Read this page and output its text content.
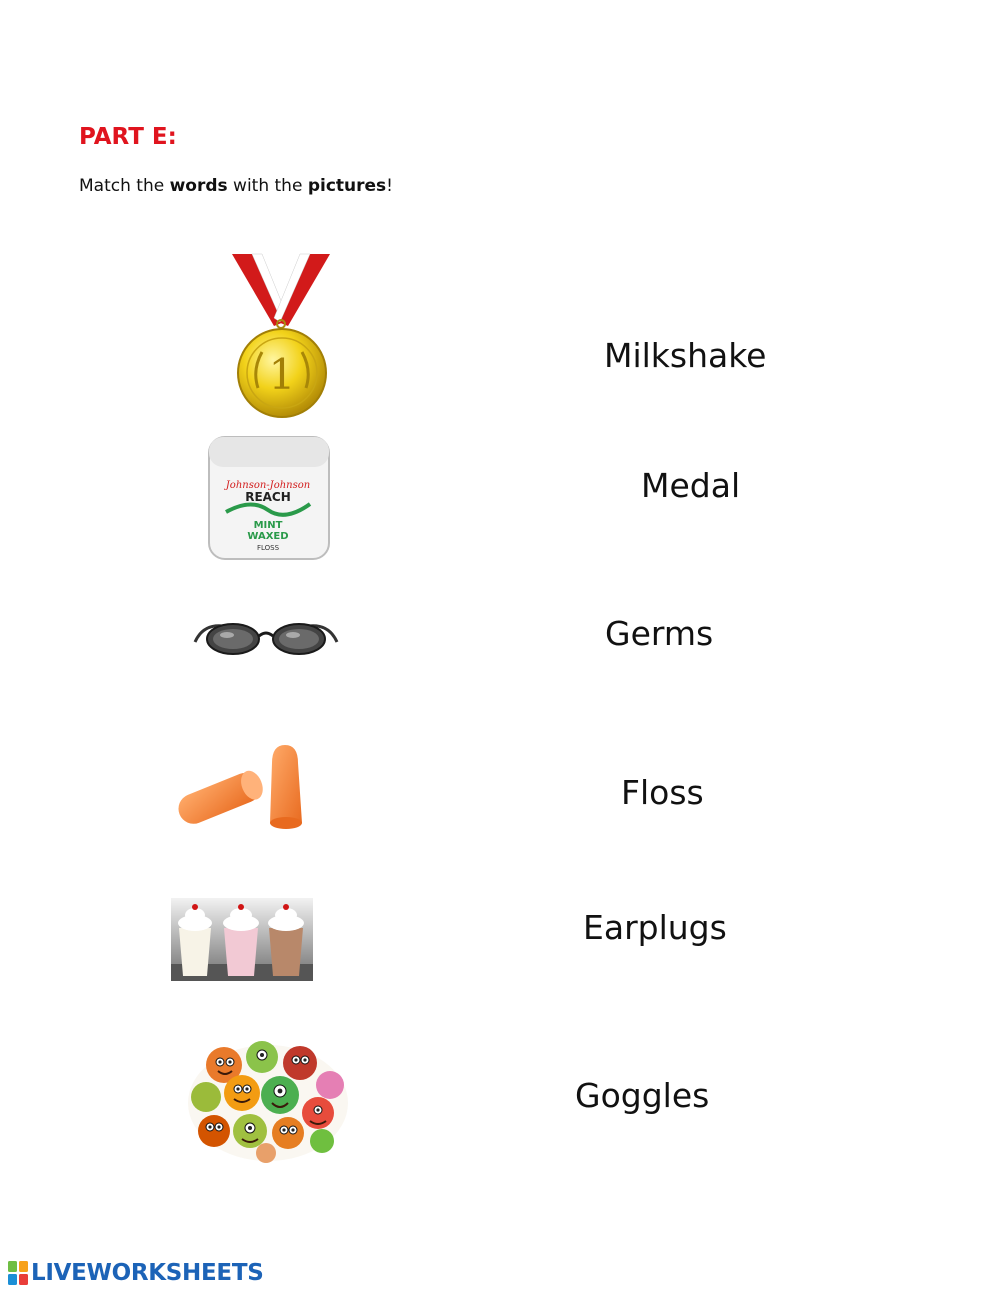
PART E:

Match the words with the pictures!

1
Johnson-Johnson
REACH
MINT
WAXED
FLOSS

Milkshake

Medal

Germs

Floss

Earplugs

Goggles

LIVEWORKSHEETS
